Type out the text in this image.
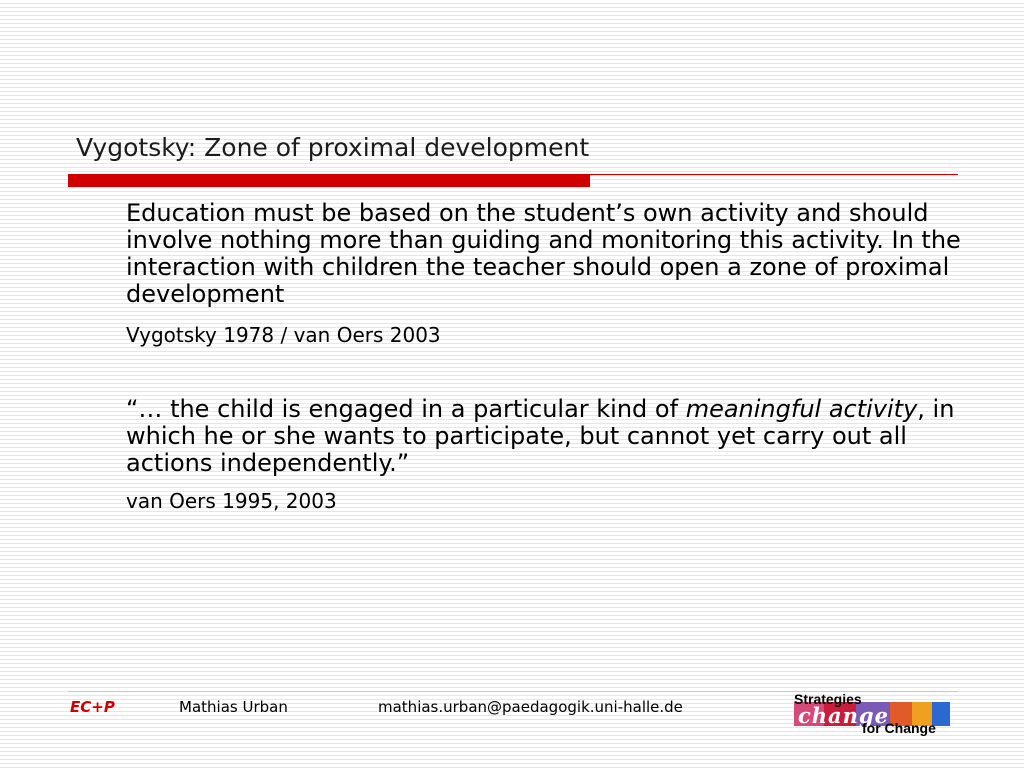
Vygotsky: Zone of proximal development
Education must be based on the student’s own activity and should involve nothing more than guiding and monitoring this activity. In the interaction with children the teacher should open a zone of proximal development
Vygotsky 1978 / van Oers 2003
“… the child is engaged in a particular kind of meaningful activity, in which he or she wants to participate, but cannot yet carry out all actions independently.”
van Oers 1995, 2003
EC+P	Mathias Urban	mathias.urban@paedagogik.uni-halle.de	change
Strategies
for Change
